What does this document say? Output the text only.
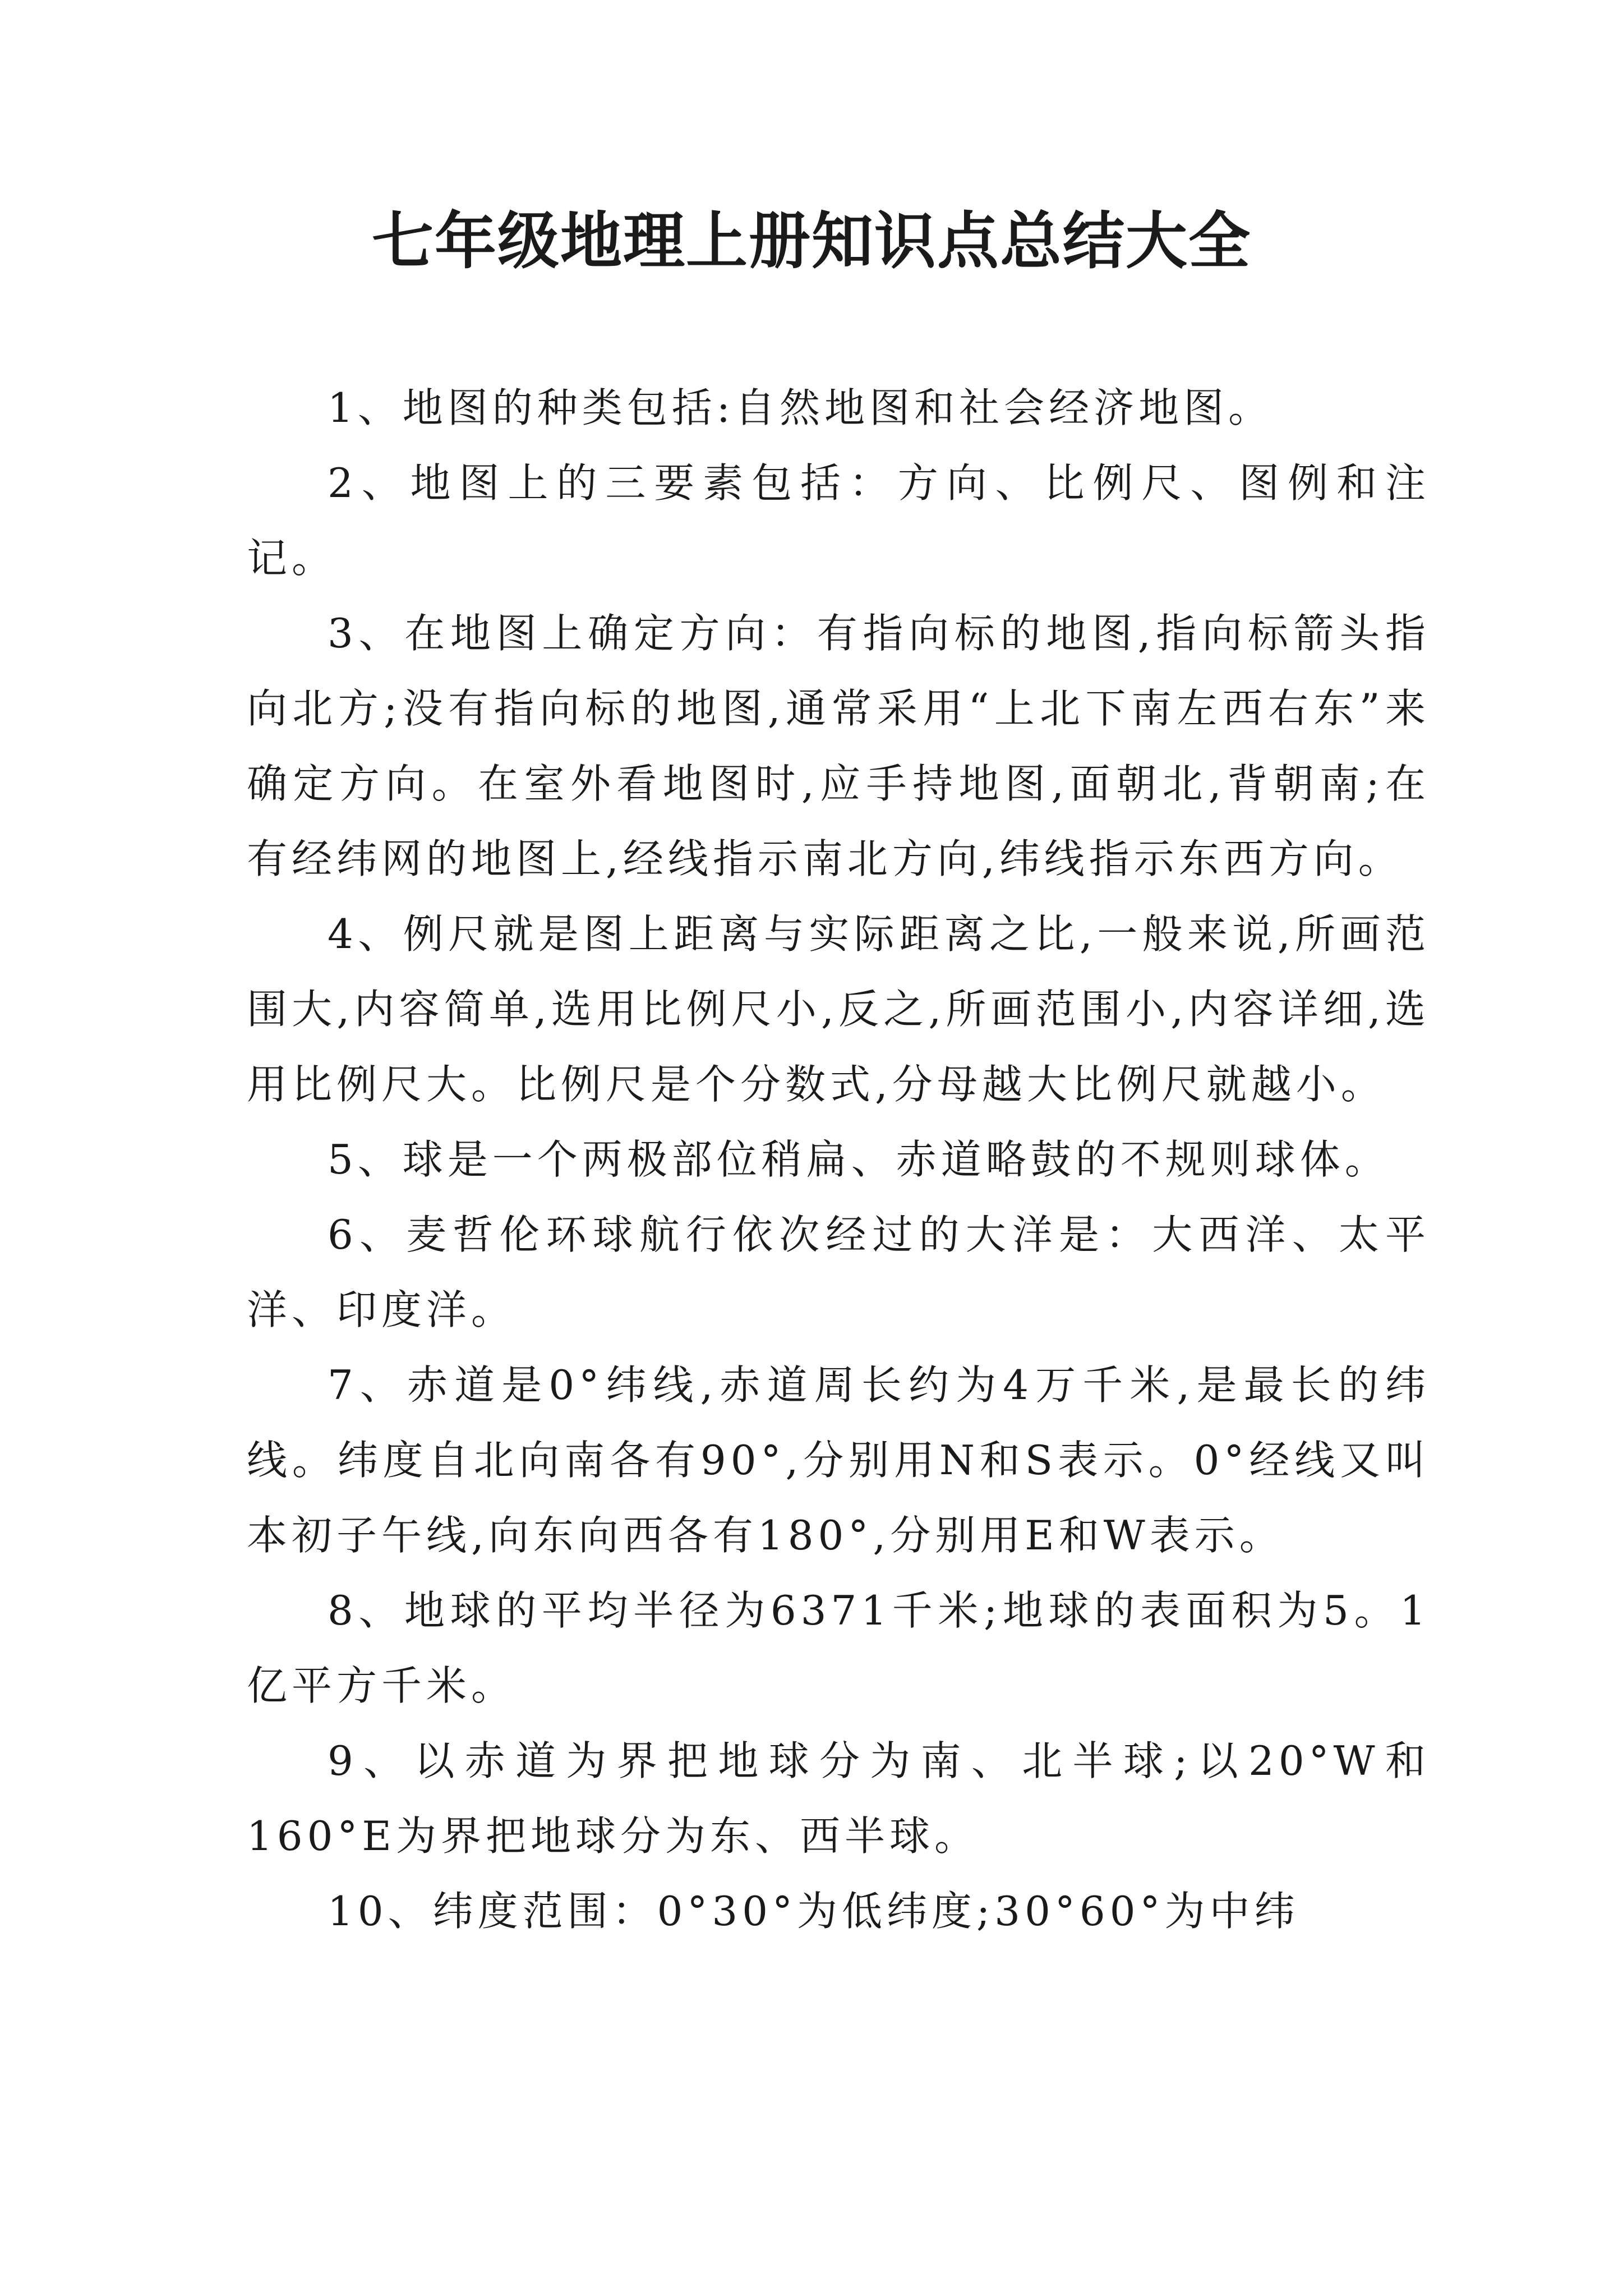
七年级地理上册知识点总结大全

1、地图的种类包括:自然地图和社会经济地图。

2、地图上的三要素包括：方向、比例尺、图例和注记。

3、在地图上确定方向：有指向标的地图,指向标箭头指向北方;没有指向标的地图,通常采用“上北下南左西右东”来确定方向。在室外看地图时,应手持地图,面朝北,背朝南;在有经纬网的地图上,经线指示南北方向,纬线指示东西方向。

4、例尺就是图上距离与实际距离之比,一般来说,所画范围大,内容简单,选用比例尺小,反之,所画范围小,内容详细,选用比例尺大。比例尺是个分数式,分母越大比例尺就越小。

5、球是一个两极部位稍扁、赤道略鼓的不规则球体。

6、麦哲伦环球航行依次经过的大洋是：大西洋、太平洋、印度洋。

7、赤道是0°纬线,赤道周长约为4万千米,是最长的纬线。纬度自北向南各有90°,分别用N和S表示。0°经线又叫本初子午线,向东向西各有180°,分别用E和W表示。

8、地球的平均半径为6371千米;地球的表面积为5。1亿平方千米。

9、以赤道为界把地球分为南、北半球;以20°W和160°E为界把地球分为东、西半球。

10、纬度范围：0°30°为低纬度;30°60°为中纬
